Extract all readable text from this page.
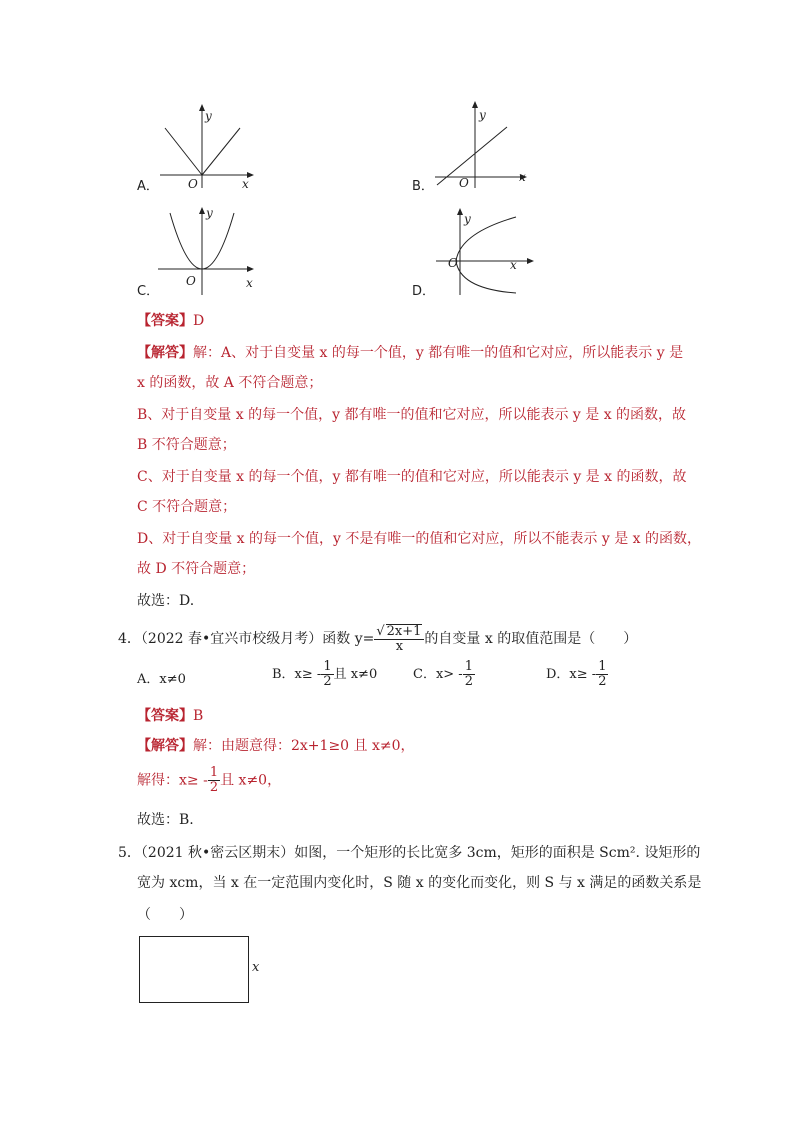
A．
y
O	x	B．
y
O	x
C．
y
O	x
D．
y
O	x
【答案】D
【解答】解：A、对于自变量 x 的每一个值，y 都有唯一的值和它对应，所以能表示 y 是
x 的函数，故 A 不符合题意；
B、对于自变量 x 的每一个值，y 都有唯一的值和它对应，所以能表示 y 是 x 的函数，故
B 不符合题意；
C、对于自变量 x 的每一个值，y 都有唯一的值和它对应，所以能表示 y 是 x 的函数，故
C 不符合题意；
D、对于自变量 x 的每一个值，y 不是有唯一的值和它对应，所以不能表示 y 是 x 的函数，
故 D 不符合题意；
故选：D.
4．（2022 春•宜兴市校级月考）函数 $y= \frac{√ 2x+1}{x}$ 的自变量 x 的取值范围是（　　）
A．x≠0	B．$x\ge - \frac{1}{2}$ 且 x≠0	C．$x> - \frac{1}{2}$	D．$x\ge - \frac{1}{2}$
【答案】B
【解答】解：由题意得：2x+1≥0 且 x≠0，
解得：$x\ge - \frac{1}{2}$ 且 x≠0，
故选：B.
5．（2021 秋•密云区期末）如图，一个矩形的长比宽多 3cm，矩形的面积是 Scm². 设矩形的
宽为 xcm，当 x 在一定范围内变化时，S 随 x 的变化而变化，则 S 与 x 满足的函数关系是
（　　）
x
